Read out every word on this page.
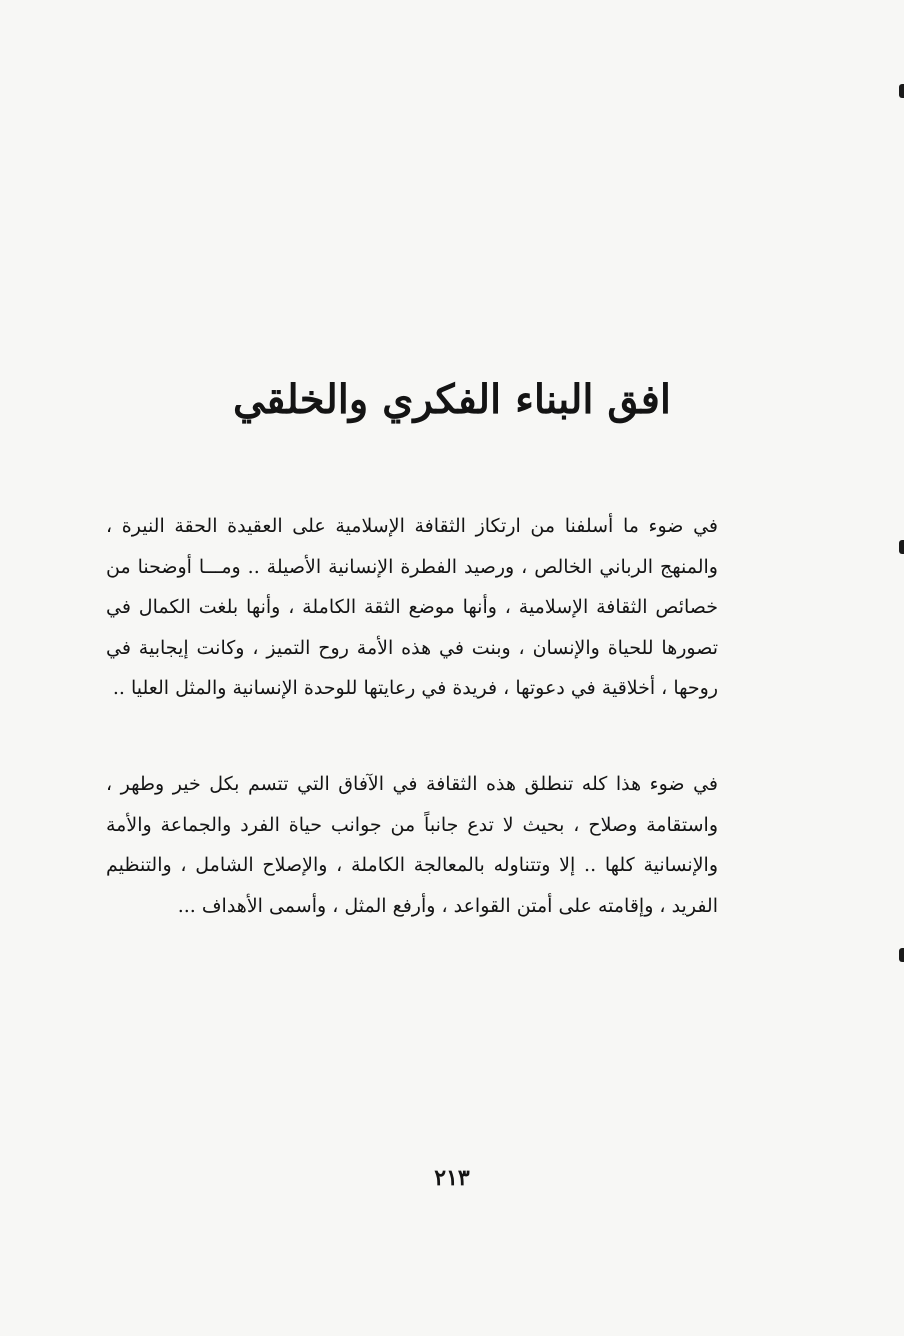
افق البناء الفكري والخلقي

في ضوء ما أسلفنا من ارتكاز الثقافة الإسلامية على العقيدة الحقة النيرة ، والمنهج الرباني الخالص ، ورصيد الفطرة الإنسانية الأصيلة .. ومـــا أوضحنا من خصائص الثقافة الإسلامية ، وأنها موضع الثقة الكاملة ، وأنها بلغت الكمال في تصورها للحياة والإنسان ، وبنت في هذه الأمة روح التميز ، وكانت إيجابية في روحها ، أخلاقية في دعوتها ، فريدة في رعايتها للوحدة الإنسانية والمثل العليا ..

في ضوء هذا كله تنطلق هذه الثقافة في الآفاق التي تتسم بكل خير وطهر ، واستقامة وصلاح ، بحيث لا تدع جانباً من جوانب حياة الفرد والجماعة والأمة والإنسانية كلها .. إلا وتتناوله بالمعالجة الكاملة ، والإصلاح الشامل ، والتنظيم الفريد ، وإقامته على أمتن القواعد ، وأرفع المثل ، وأسمى الأهداف ...

٢١٣
